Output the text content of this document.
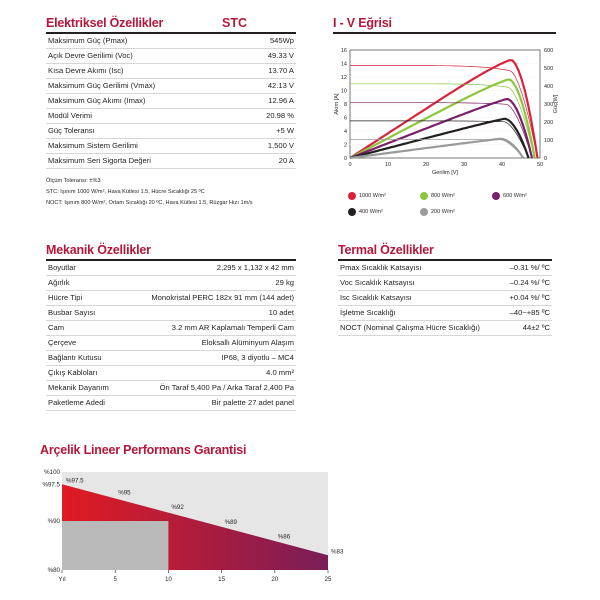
Elektriksel Özellikler	STC
Maksimum Güç (Pmax)	545Wp
Açık Devre Gerilimi (Voc)	49.33 V
Kısa Devre Akımı (Isc)	13.70 A
Maksimum Güç Gerilimi (Vmax)	42.13 V
Maksimum Güç Akımı (Imax)	12.96 A
Modül Verimi	20.98 %
Güç Toleransı	+5 W
Maksimum Sistem Gerilimi	1,500 V
Maksimum Seri Sigorta Değeri	20 A
Ölçüm Toleransı: ±%3
STC: Işınım 1000 W/m², Hava Kütlesi 1.5, Hücre Sıcaklığı 25 ºC
NOCT: Işınım 800 W/m², Ortam Sıcaklığı 20 ºC, Hava Kütlesi 1.5, Rüzgar Hızı 1m/s
I - V Eğrisi
0
2
4
6
8
10
12
14
16
0
100
200
300
400
500
600
0	10	20	30	40	50
Gerilim [V]
Akım [A]	Güç[W]
1000 W/m²	800 W/m²	600 W/m²
400 W/m²	200 W/m²
Mekanik Özellikler
Boyutlar	2,295 x 1,132 x 42 mm
Ağırlık	29 kg
Hücre Tipi	Monokristal PERC 182x 91 mm (144 adet)
Busbar Sayısı	10 adet
Cam	3.2 mm AR Kaplamalı Temperli Cam
Çerçeve	Eloksallı Alüminyum Alaşım
Bağlantı Kutusu	IP68, 3 diyotlu – MC4
Çıkış Kabloları	4.0 mm²
Mekanik Dayanım	Ön Taraf 5,400 Pa / Arka Taraf 2,400 Pa
Paketleme Adedi	Bir palette 27 adet panel
Termal Özellikler
Pmax Sıcaklık Katsayısı	–0.31 %/ ºC
Voc Sıcaklık Katsayısı	–0.24 %/ ºC
Isc Sıcaklık Katsayısı	+0.04 %/ ºC
İşletme Sıcaklığı	–40~+85 ºC
NOCT (Nominal Çalışma Hücre Sıcaklığı)	44±2 ºC
Arçelik Lineer Performans Garantisi
%97.5
%95
%92
%89
%86
%83
%100
%97.5
%90
%80
Yıl	5	10	15	20	25
